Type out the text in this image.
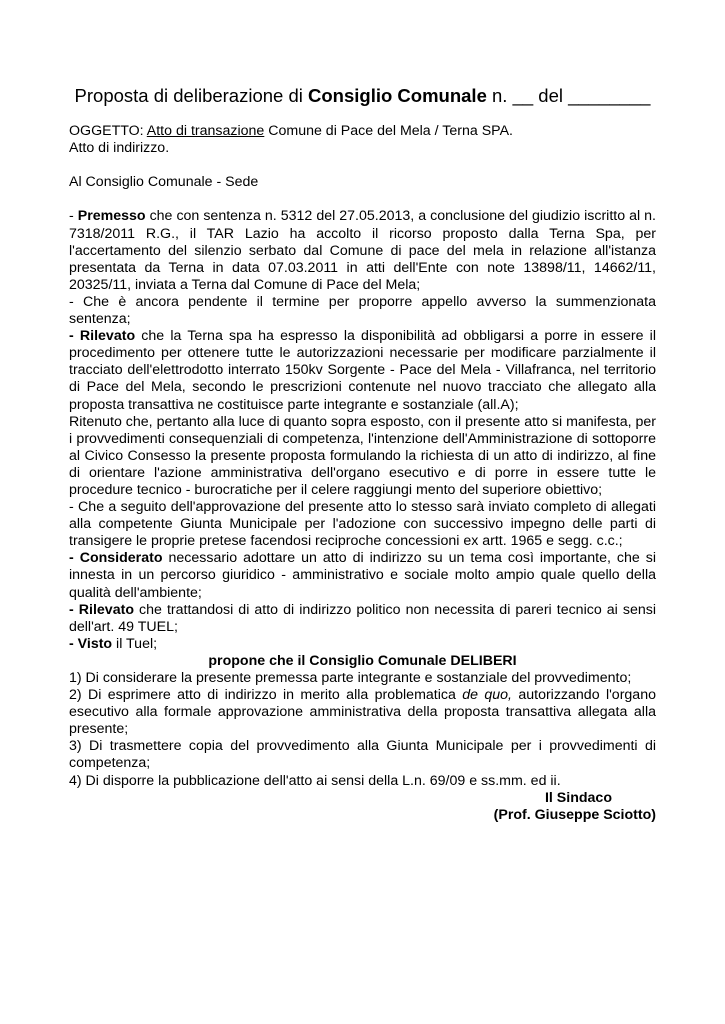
Proposta di deliberazione di Consiglio Comunale n. __ del ________

OGGETTO: Atto di transazione Comune di Pace del Mela / Terna SPA.

Atto di indirizzo.

Al Consiglio Comunale - Sede

- Premesso che con sentenza n. 5312 del 27.05.2013, a conclusione del giudizio iscritto al n. 7318/2011 R.G., il TAR Lazio ha accolto il ricorso proposto dalla Terna Spa, per l'accertamento del silenzio serbato dal Comune di pace del mela in relazione all'istanza presentata da Terna in data 07.03.2011 in atti dell'Ente con note 13898/11, 14662/11, 20325/11, inviata a Terna dal Comune di Pace del Mela;

- Che è ancora pendente il termine per proporre appello avverso la summenzionata sentenza;

- Rilevato che la Terna spa ha espresso la disponibilità ad obbligarsi a porre in essere il procedimento per ottenere tutte le autorizzazioni necessarie per modificare parzialmente il tracciato dell'elettrodotto interrato 150kv Sorgente - Pace del Mela - Villafranca, nel territorio di Pace del Mela, secondo le prescrizioni contenute nel nuovo tracciato che allegato alla proposta transattiva ne costituisce parte integrante e sostanziale (all.A);

Ritenuto che, pertanto alla luce di quanto sopra esposto, con il presente atto si manifesta, per i provvedimenti consequenziali di competenza, l'intenzione dell'Amministrazione di sottoporre al Civico Consesso la presente proposta formulando la richiesta di un atto di indirizzo, al fine di orientare l'azione amministrativa dell'organo esecutivo e di porre in essere tutte le procedure tecnico - burocratiche per il celere raggiungi mento del superiore obiettivo;

- Che a seguito dell'approvazione del presente atto lo stesso sarà inviato completo di allegati alla competente Giunta Municipale per l'adozione con successivo impegno delle parti di transigere le proprie pretese facendosi reciproche concessioni ex artt. 1965 e segg. c.c.;

- Considerato necessario adottare un atto di indirizzo su un tema così importante, che si innesta in un percorso giuridico - amministrativo e sociale molto ampio quale quello della qualità dell'ambiente;

- Rilevato che trattandosi di atto di indirizzo politico non necessita di pareri tecnico ai sensi dell'art. 49 TUEL;

- Visto il Tuel;

propone che il Consiglio Comunale DELIBERI

1) Di considerare la presente premessa parte integrante e sostanziale del provvedimento;

2) Di esprimere atto di indirizzo in merito alla problematica de quo, autorizzando l'organo esecutivo alla formale approvazione amministrativa della proposta transattiva allegata alla presente;

3) Di trasmettere copia del provvedimento alla Giunta Municipale per i provvedimenti di competenza;

4) Di disporre la pubblicazione dell'atto ai sensi della L.n. 69/09 e ss.mm. ed ii.

Il Sindaco

(Prof. Giuseppe Sciotto)
